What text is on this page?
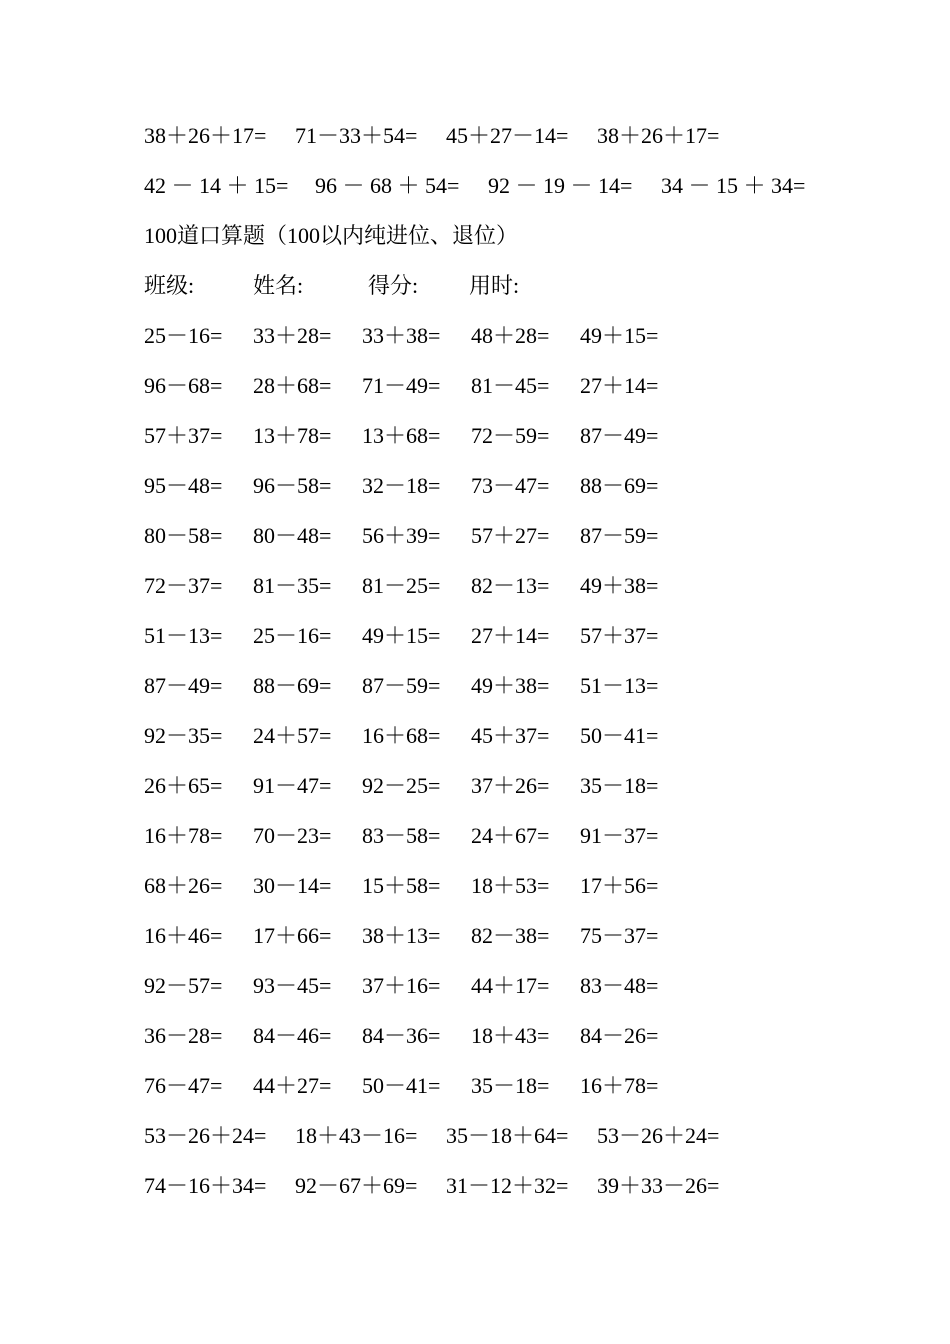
38＋26＋17=

71－33＋54=

45＋27－14=

38＋26＋17=

42 － 14 ＋ 15=

96 － 68 ＋ 54=

92 － 19 － 14=

34 － 15 ＋ 34=

100道口算题（100以内纯进位、退位）

班级:

	姓名:

	得分:

用时:

25－16=

33＋28=

33＋38=

48＋28=

49＋15=

96－68=

28＋68=

71－49=

81－45=

27＋14=

57＋37=

13＋78=

13＋68=

72－59=

87－49=

95－48=

96－58=

32－18=

73－47=

88－69=

80－58=

80－48=

56＋39=

57＋27=

87－59=

72－37=

81－35=

81－25=

82－13=

49＋38=

51－13=

25－16=

49＋15=

27＋14=

57＋37=

87－49=

88－69=

87－59=

49＋38=

51－13=

92－35=

24＋57=

16＋68=

45＋37=

50－41=

26＋65=

91－47=

92－25=

37＋26=

35－18=

16＋78=

70－23=

83－58=

24＋67=

91－37=

68＋26=

30－14=

15＋58=

18＋53=

17＋56=

16＋46=

17＋66=

38＋13=

82－38=

75－37=

92－57=

93－45=

37＋16=

44＋17=

83－48=

36－28=

84－46=

84－36=

18＋43=

84－26=

76－47=

44＋27=

50－41=

35－18=

16＋78=

53－26＋24=

18＋43－16=

35－18＋64=

53－26＋24=

74－16＋34=

92－67＋69=

31－12＋32=

39＋33－26=
